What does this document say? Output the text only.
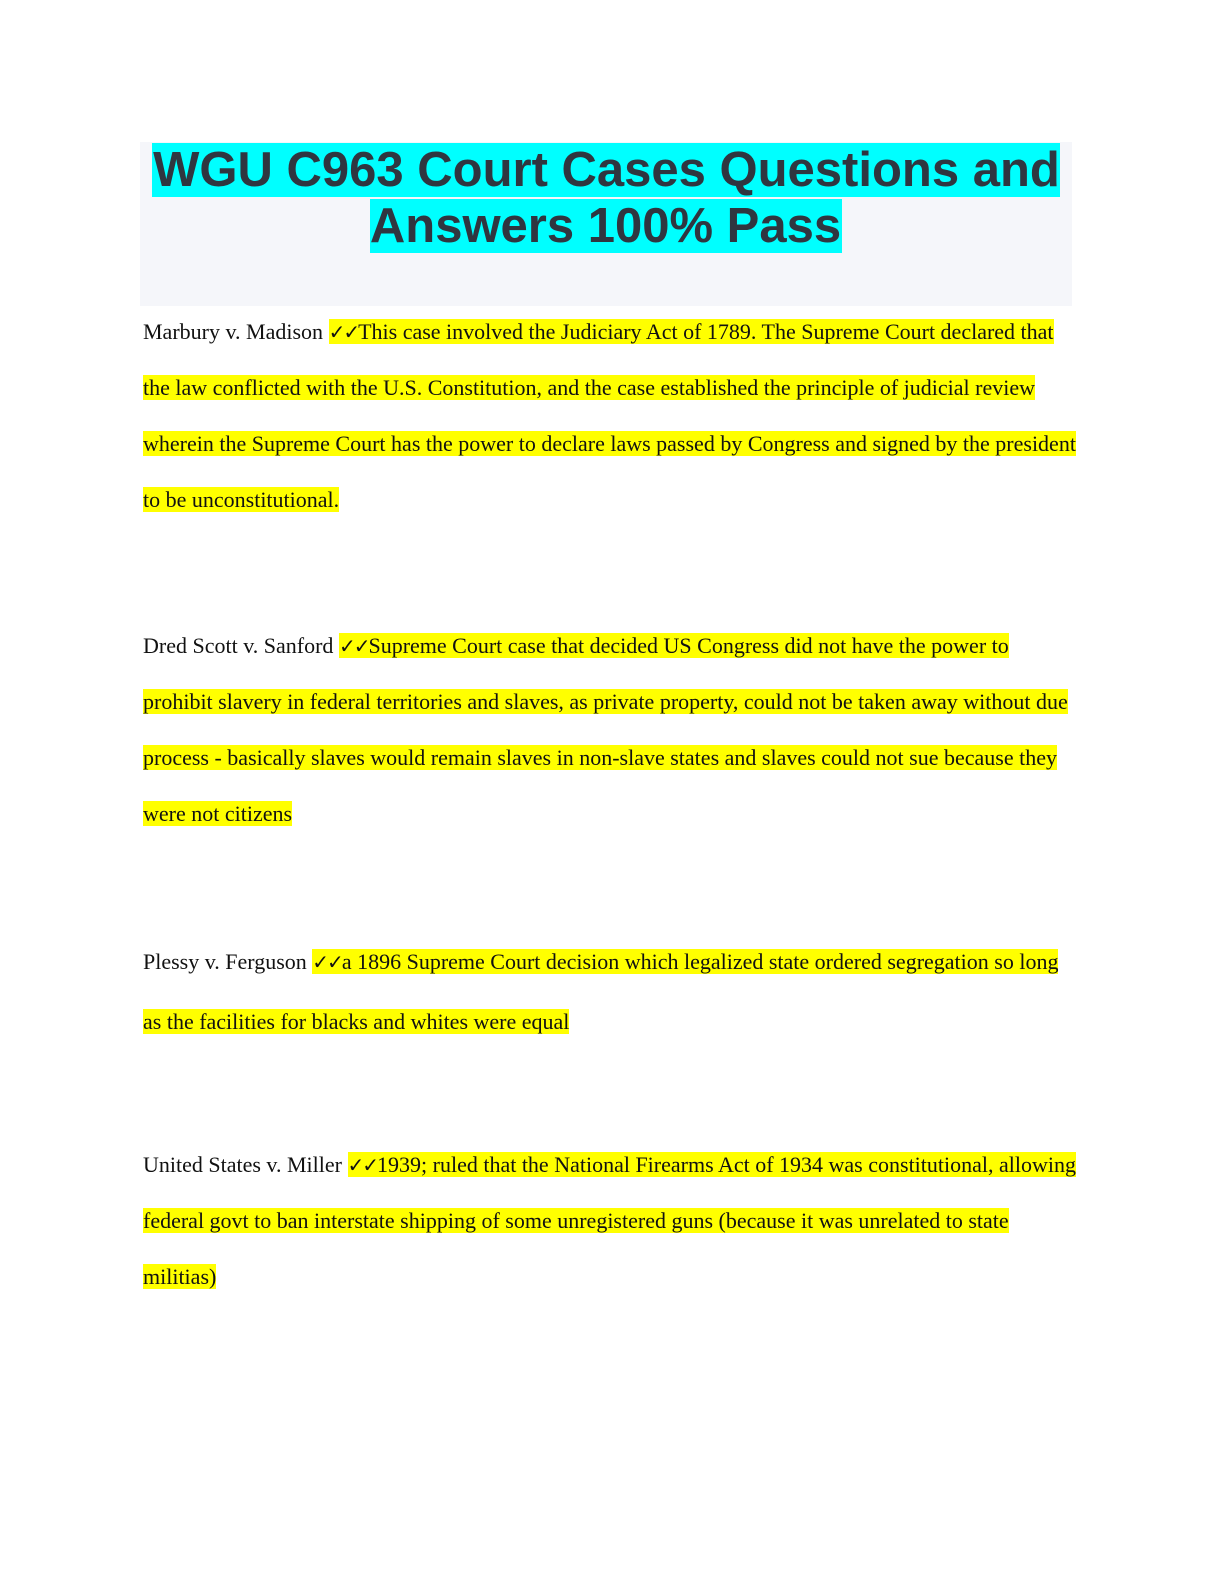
WGU C963 Court Cases Questions and Answers 100% Pass

Marbury v. Madison ✓✓This case involved the Judiciary Act of 1789. The Supreme Court declared that the law conflicted with the U.S. Constitution, and the case established the principle of judicial review wherein the Supreme Court has the power to declare laws passed by Congress and signed by the president to be unconstitutional.

Dred Scott v. Sanford ✓✓Supreme Court case that decided US Congress did not have the power to prohibit slavery in federal territories and slaves, as private property, could not be taken away without due process - basically slaves would remain slaves in non-slave states and slaves could not sue because they were not citizens

Plessy v. Ferguson ✓✓a 1896 Supreme Court decision which legalized state ordered segregation so long as the facilities for blacks and whites were equal

United States v. Miller ✓✓1939; ruled that the National Firearms Act of 1934 was constitutional, allowing federal govt to ban interstate shipping of some unregistered guns (because it was unrelated to state militias)
